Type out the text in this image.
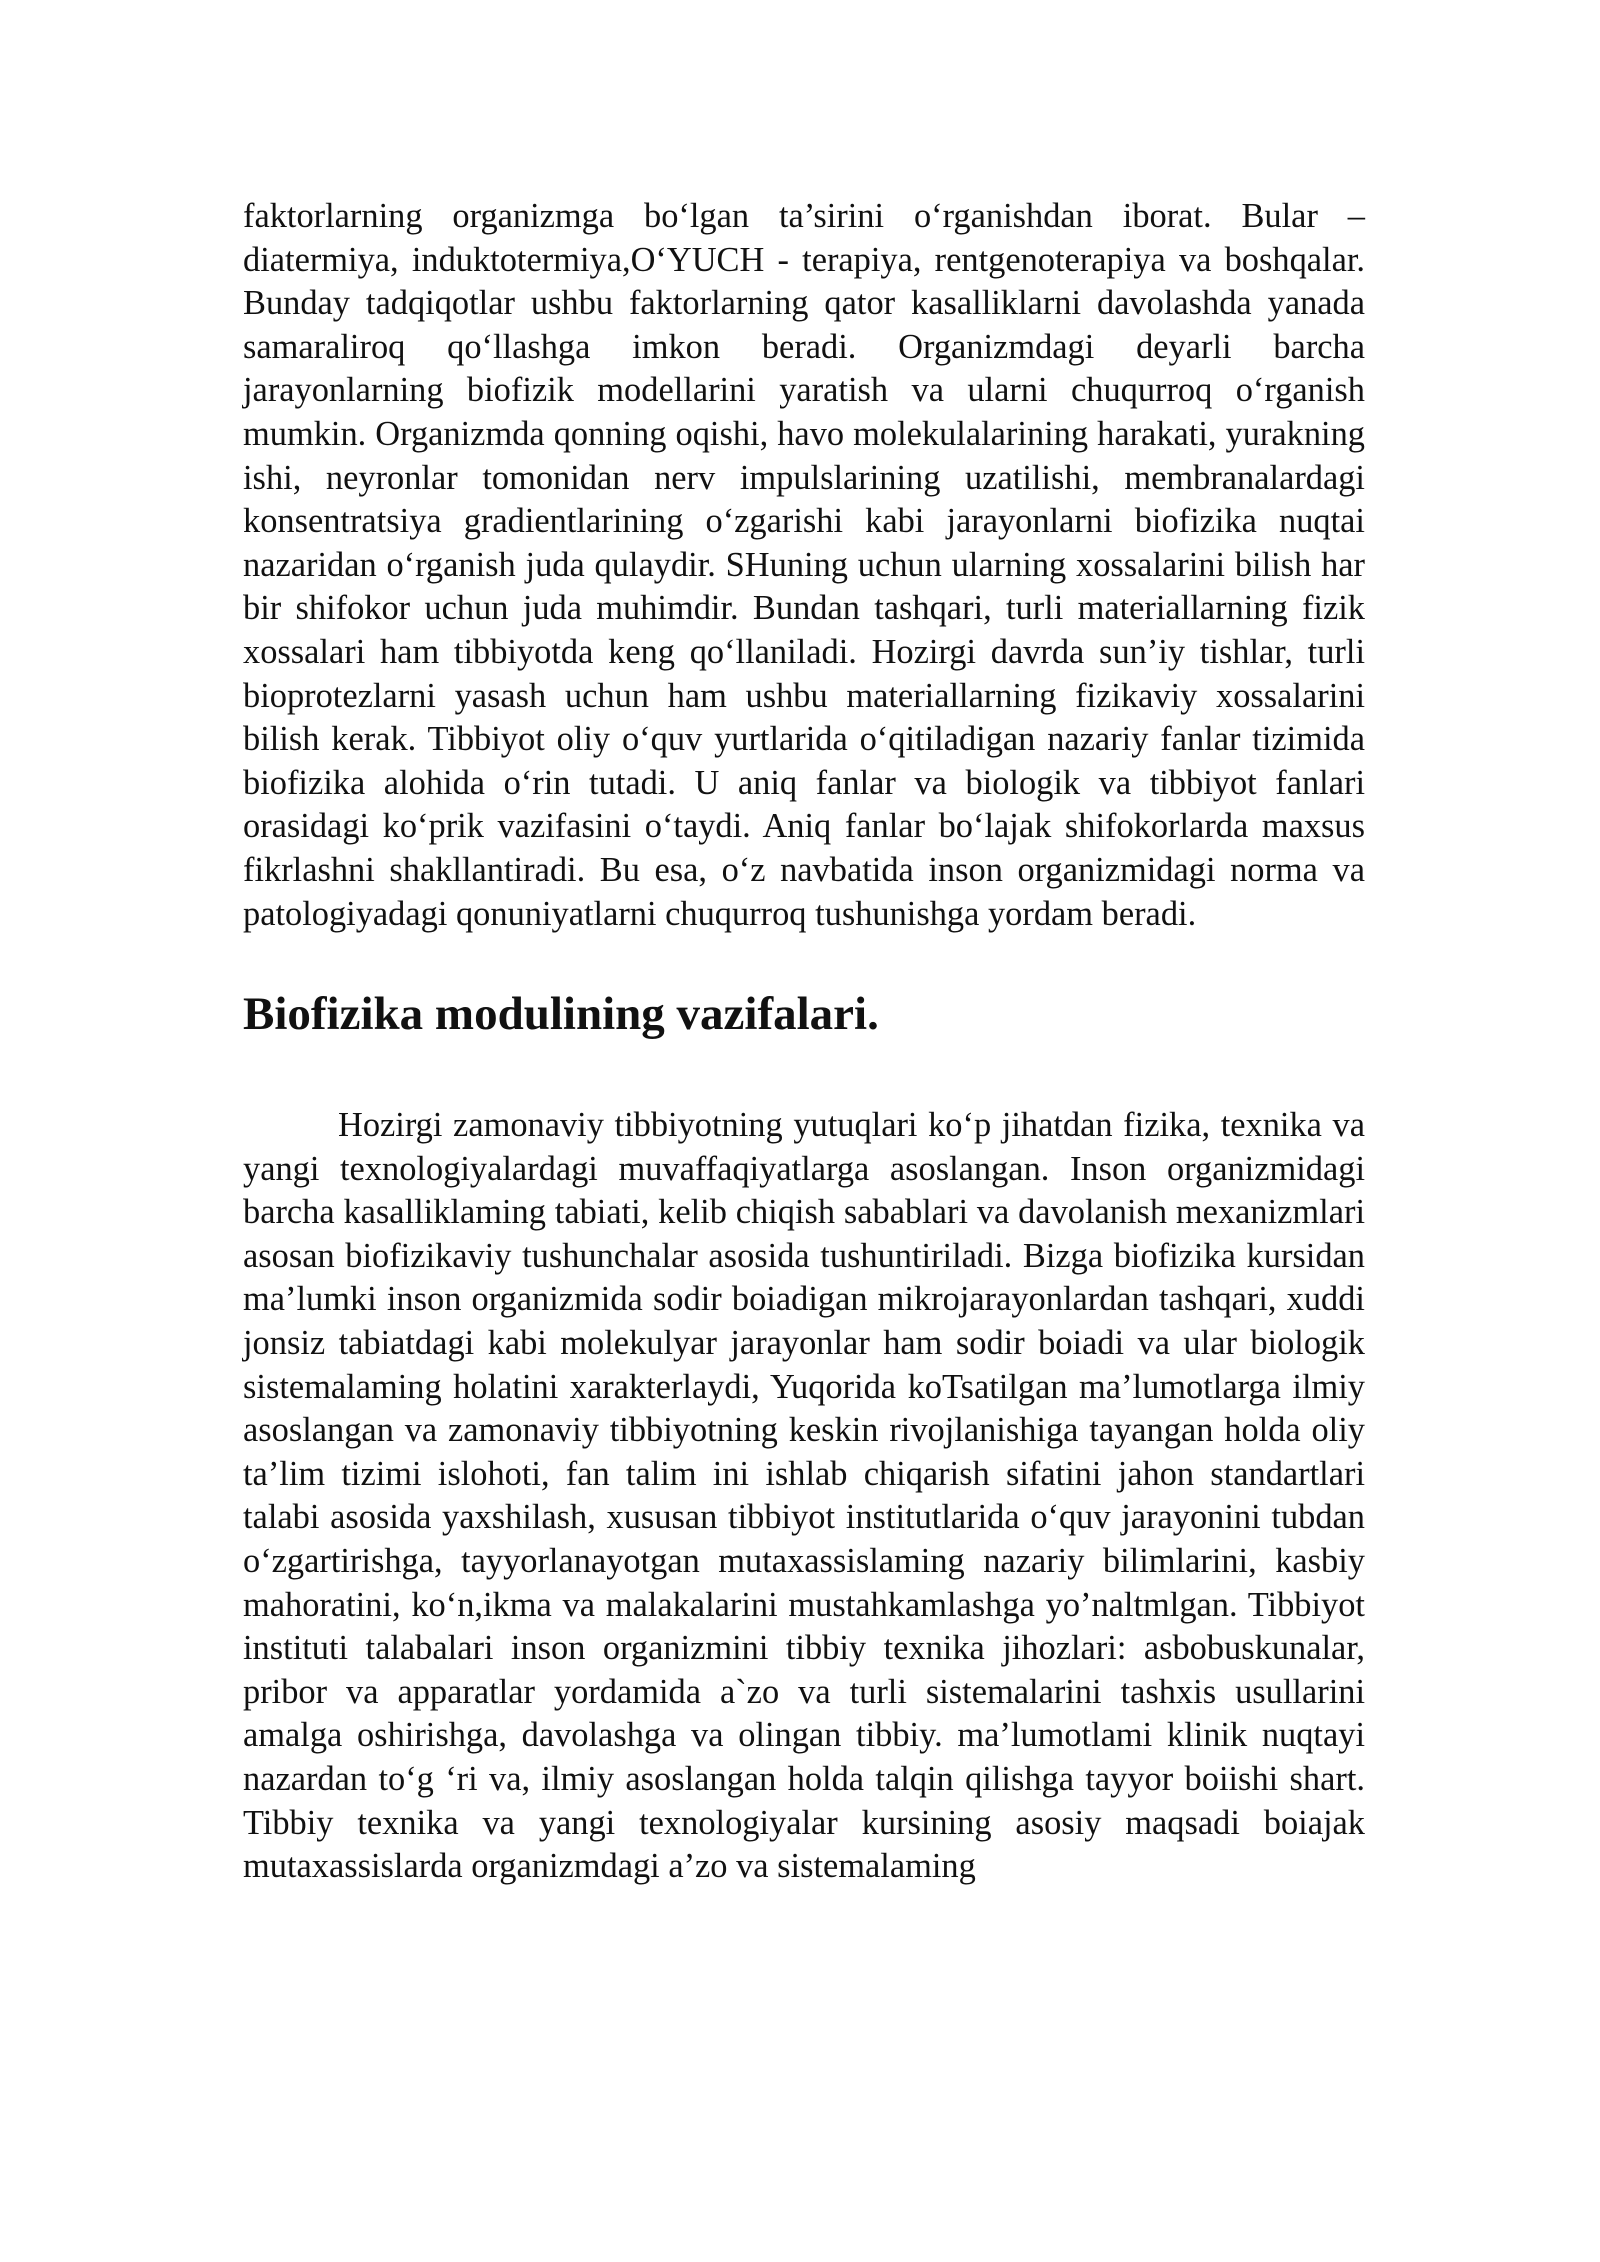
faktorlarning organizmga bo‘lgan ta’sirini o‘rganishdan iborat. Bular – diatermiya, induktotermiya,O‘YUCH - terapiya, rentgenoterapiya va boshqalar. Bunday tadqiqotlar ushbu faktorlarning qator kasalliklarni davolashda yanada samaraliroq qo‘llashga imkon beradi. Organizmdagi deyarli barcha jarayonlarning biofizik modellarini yaratish va ularni chuqurroq o‘rganish mumkin. Organizmda qonning oqishi, havo molekulalarining harakati, yurakning ishi, neyronlar tomonidan nerv impulslarining uzatilishi, membranalardagi konsentratsiya gradientlarining o‘zgarishi kabi jarayonlarni biofizika nuqtai nazaridan o‘rganish juda qulaydir. SHuning uchun ularning xossalarini bilish har bir shifokor uchun juda muhimdir. Bundan tashqari, turli materiallarning fizik xossalari ham tibbiyotda keng qo‘llaniladi. Hozirgi davrda sun’iy tishlar, turli bioprotezlarni yasash uchun ham ushbu materiallarning fizikaviy xossalarini bilish kerak. Tibbiyot oliy o‘quv yurtlarida o‘qitiladigan nazariy fanlar tizimida biofizika alohida o‘rin tutadi. U aniq fanlar va biologik va tibbiyot fanlari orasidagi ko‘prik vazifasini o‘taydi. Aniq fanlar bo‘lajak shifokorlarda maxsus fikrlashni shakllantiradi. Bu esa, o‘z navbatida inson organizmidagi norma va patologiyadagi qonuniyatlarni chuqurroq tushunishga yordam beradi.

Biofizika modulining vazifalari.

Hozirgi zamonaviy tibbiyotning yutuqlari ko‘p jihatdan fizika, texnika va yangi texnologiyalardagi muvaffaqiyatlarga asoslangan. Inson organizmidagi barcha kasalliklaming tabiati, kelib chiqish sabablari va davolanish mexanizmlari asosan biofizikaviy tushunchalar asosida tushuntiriladi. Bizga biofizika kursidan ma’lumki inson organizmida sodir boiadigan mikrojarayonlardan tashqari, xuddi jonsiz tabiatdagi kabi molekulyar jarayonlar ham sodir boiadi va ular biologik sistemalaming holatini xarakterlaydi, Yuqorida koTsatilgan ma’lumotlarga ilmiy asoslangan va zamonaviy tibbiyotning keskin rivojlanishiga tayangan holda oliy ta’lim tizimi islohoti, fan talim ini ishlab chiqarish sifatini jahon standartlari talabi asosida yaxshilash, xususan tibbiyot institutlarida o‘quv jarayonini tubdan o‘zgartirishga, tayyorlanayotgan mutaxassislaming nazariy bilimlarini, kasbiy mahoratini, ko‘n,ikma va malakalarini mustahkamlashga yo’naltmlgan. Tibbiyot instituti talabalari inson organizmini tibbiy texnika jihozlari: asbobuskunalar, pribor va apparatlar yordamida a`zo va turli sistemalarini tashxis usullarini amalga oshirishga, davolashga va olingan tibbiy. ma’lumotlami klinik nuqtayi nazardan to‘g ‘ri va, ilmiy asoslangan holda talqin qilishga tayyor boiishi shart. Tibbiy texnika va yangi texnologiyalar kursining asosiy maqsadi boiajak mutaxassislarda organizmdagi a’zo va sistemalaming
